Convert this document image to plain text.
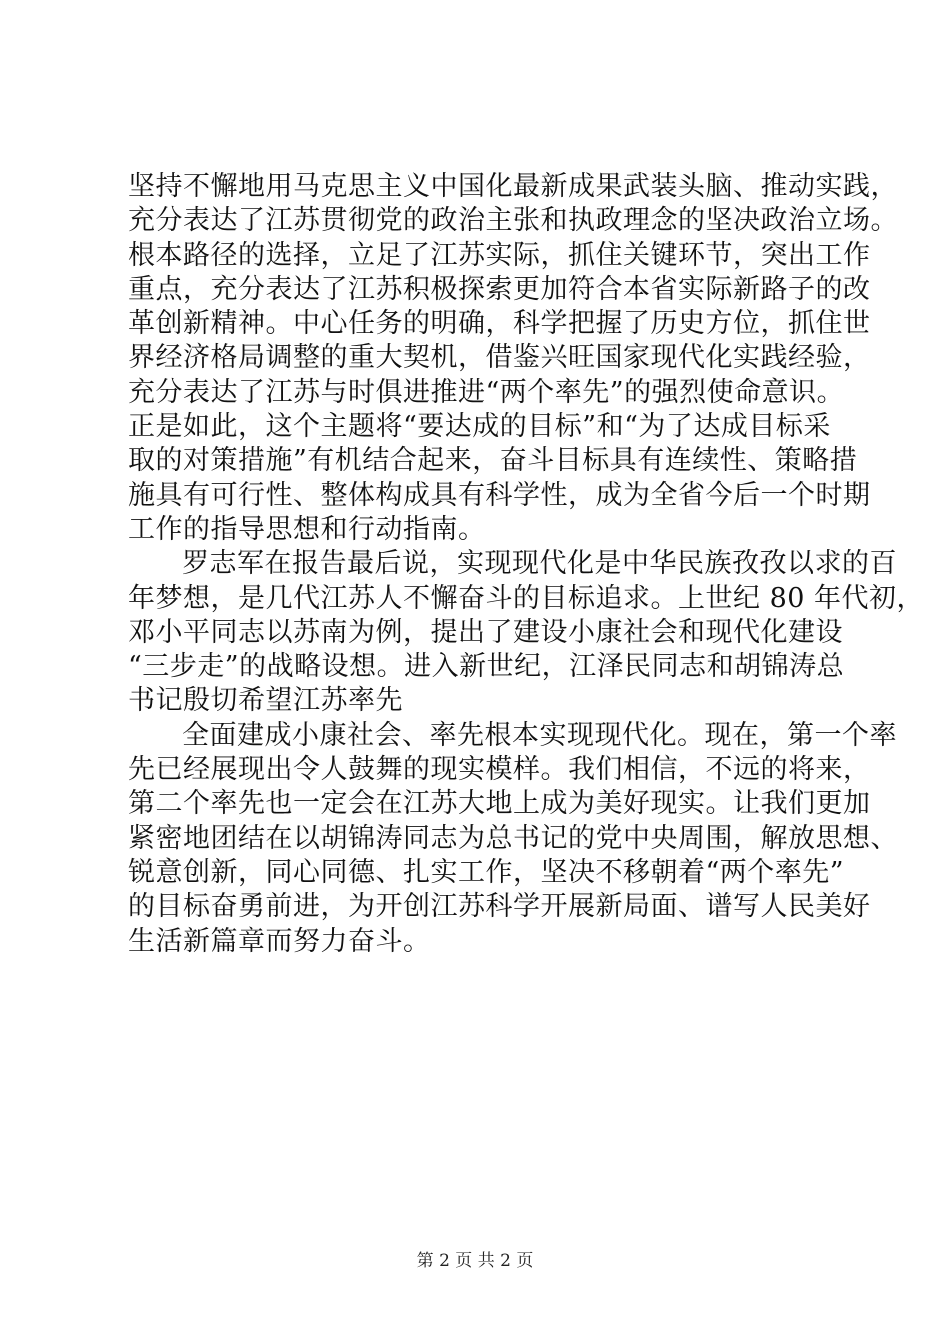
坚持不懈地用马克思主义中国化最新成果武装头脑、推动实践，
充分表达了江苏贯彻党的政治主张和执政理念的坚决政治立场。
根本路径的选择，立足了江苏实际，抓住关键环节，突出工作
重点，充分表达了江苏积极探索更加符合本省实际新路子的改
革创新精神。中心任务的明确，科学把握了历史方位，抓住世
界经济格局调整的重大契机，借鉴兴旺国家现代化实践经验，
充分表达了江苏与时俱进推进“两个率先”的强烈使命意识。
正是如此，这个主题将“要达成的目标”和“为了达成目标采
取的对策措施”有机结合起来，奋斗目标具有连续性、策略措
施具有可行性、整体构成具有科学性，成为全省今后一个时期
工作的指导思想和行动指南。
罗志军在报告最后说，实现现代化是中华民族孜孜以求的百
年梦想，是几代江苏人不懈奋斗的目标追求。上世纪 80 年代初，
邓小平同志以苏南为例，提出了建设小康社会和现代化建设
“三步走”的战略设想。进入新世纪，江泽民同志和胡锦涛总
书记殷切希望江苏率先
全面建成小康社会、率先根本实现现代化。现在，第一个率
先已经展现出令人鼓舞的现实模样。我们相信，不远的将来，
第二个率先也一定会在江苏大地上成为美好现实。让我们更加
紧密地团结在以胡锦涛同志为总书记的党中央周围，解放思想、
锐意创新，同心同德、扎实工作，坚决不移朝着“两个率先”
的目标奋勇前进，为开创江苏科学开展新局面、谱写人民美好
生活新篇章而努力奋斗。
第 2 页 共 2 页
